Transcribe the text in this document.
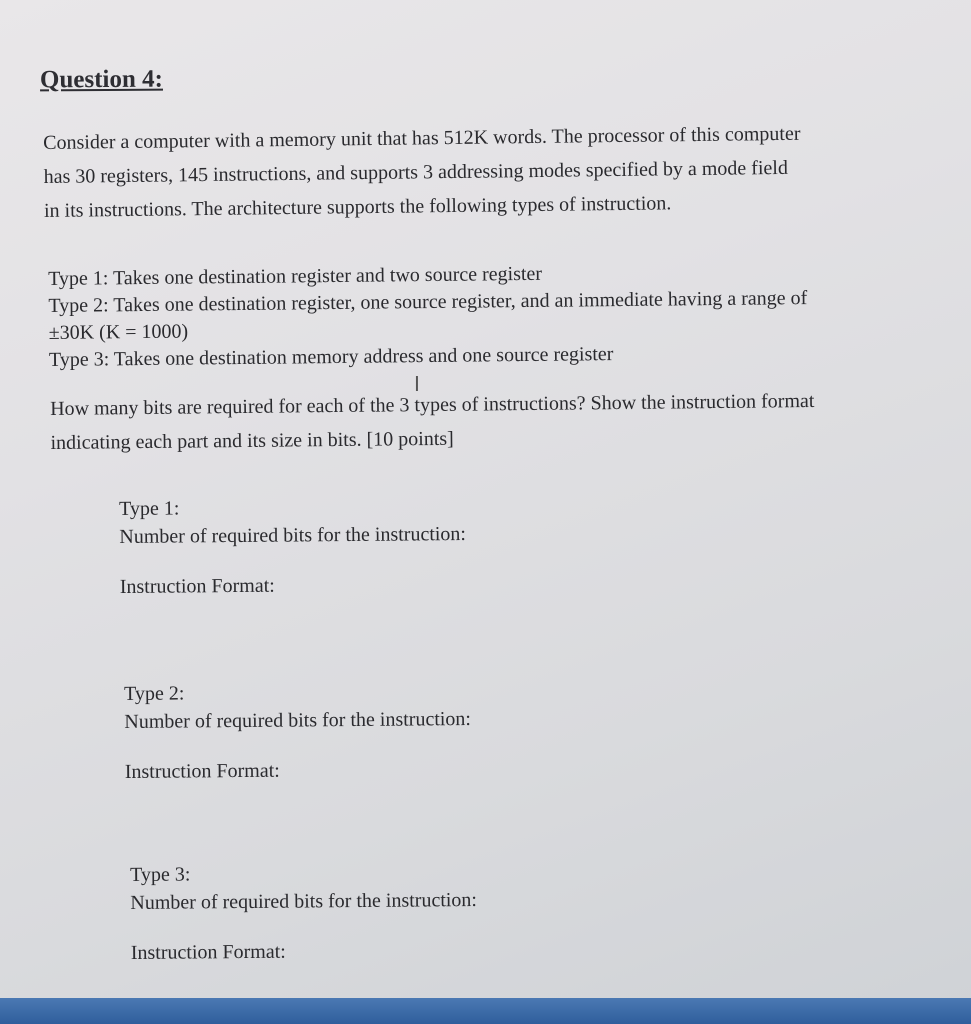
Question 4:
Consider a computer with a memory unit that has 512K words. The processor of this computer
has 30 registers, 145 instructions, and supports 3 addressing modes specified by a mode field
in its instructions. The architecture supports the following types of instruction.
Type 1: Takes one destination register and two source register
Type 2: Takes one destination register, one source register, and an immediate having a range of
±30K (K = 1000)
Type 3: Takes one destination memory address and one source register
I
How many bits are required for each of the 3 types of instructions? Show the instruction format
indicating each part and its size in bits. [10 points]
Type 1:
Number of required bits for the instruction:
Instruction Format:
Type 2:
Number of required bits for the instruction:
Instruction Format:
Type 3:
Number of required bits for the instruction:
Instruction Format:
